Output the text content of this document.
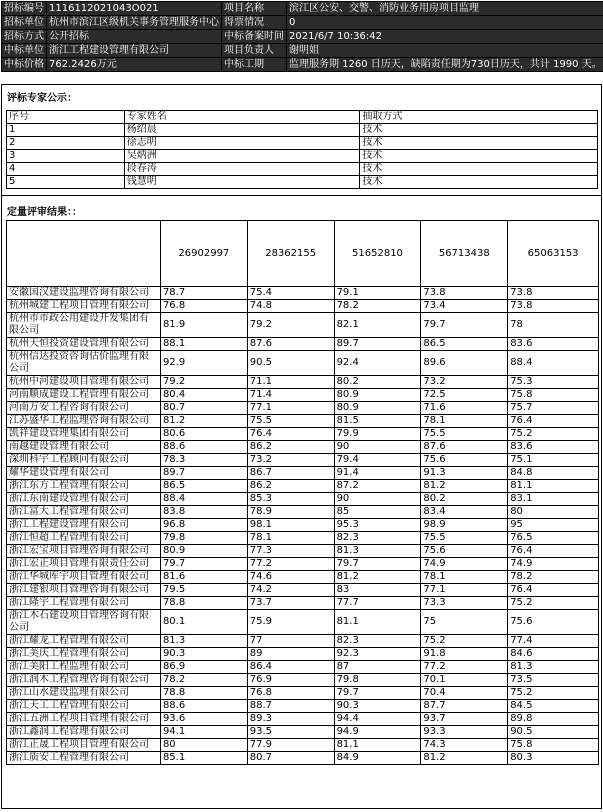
招标编号	1116112021043O021	项目名称	滨江区公安、交警、消防业务用房项目监理
招标单位	杭州市滨江区级机关事务管理服务中心	得票情况	0
招标方式	公开招标	中标备案时间	2021/6/7 10:36:42
中标单位	浙江工程建设管理有限公司	项目负责人	谢明姐
中标价格	762.2426万元	中标工期	监理服务期 1260 日历天，缺陷责任期为730日历天，共计 1990 天。
评标专家公示：
序号	专家姓名	抽取方式
1	杨绍晨	技术
2	徐志明	技术
3	吴炳洲	技术
4	段春涛	技术
5	钱慧明	技术
定量评审结果：：
	26902997	28362155	51652810	56713438	65063153
安徽国汉建设监理咨询有限公司	78.7	75.4	79.1	73.8	73.8
杭州城建工程项目管理有限公司	76.8	74.8	78.2	73.4	73.8
杭州市市政公用建设开发集团有限公司	81.9	79.2	82.1	79.7	78
杭州天恒投资建设管理有限公司	88.1	87.6	89.7	86.5	83.6
杭州信达投资咨询估价监理有限公司	92.9	90.5	92.4	89.6	88.4
杭州中河建设项目管理有限公司	79.2	71.1	80.2	73.2	75.3
河南顺成建设工程管理有限公司	80.4	71.4	80.9	72.5	75.8
河南万安工程咨询有限公司	80.7	77.1	80.9	71.6	75.7
江苏盛华工程监理咨询有限公司	81.2	75.5	81.5	78.1	76.4
凯祥建设管理集团有限公司	80.6	76.4	79.9	75.5	75.2
南越建设管理有限公司	88.6	86.2	90	87.6	83.6
深圳科宇工程顾问有限公司	78.3	73.2	79.4	75.6	75.1
耀华建设管理有限公司	89.7	86.7	91.4	91.3	84.8
浙江东方工程管理有限公司	86.5	86.2	87.2	81.2	81.1
浙江东南建设管理有限公司	88.4	85.3	90	80.2	83.1
浙江富大工程管理有限公司	83.8	78.9	85	83.4	80
浙江工程建设管理有限公司	96.8	98.1	95.3	98.9	95
浙江恒超工程管理有限公司	79.8	78.1	82.3	75.5	76.5
浙江宏宝项目管理咨询有限公司	80.9	77.3	81.3	75.6	76.4
浙江宏正项目管理有限责任公司	79.7	77.2	79.7	74.9	74.9
浙江华城库宇项目管理有限公司	81.6	74.6	81.2	78.1	78.2
浙江建银项目管理咨询有限公司	79.5	74.2	83	77.1	76.4
浙江隆宇工程管理有限公司	78.8	73.7	77.7	73.3	75.2
浙江木石建设项目管理咨询有限公司	80.1	75.9	81.1	75	75.6
浙江耀龙工程管理有限公司	81.3	77	82.3	75.2	77.4
浙江美庆工程管理有限公司	90.3	89	92.3	91.8	84.6
浙江美阳工程监理有限公司	86.9	86.4	87	77.2	81.3
浙江润木工程管理咨询有限公司	78.2	76.9	79.8	70.1	73.5
浙江山水建设监理有限公司	78.8	76.8	79.7	70.4	75.2
浙江天工工程管理有限公司	88.6	88.7	90.3	87.7	84.5
浙江五洲工程项目管理有限公司	93.6	89.3	94.4	93.7	89.8
浙江鑫润工程管理有限公司	94.1	93.5	94.9	93.3	90.5
浙江正晟工程项目管理有限公司	80	77.9	81.1	74.3	75.8
浙江质安工程管理有限公司	85.1	80.7	84.9	81.2	80.3
